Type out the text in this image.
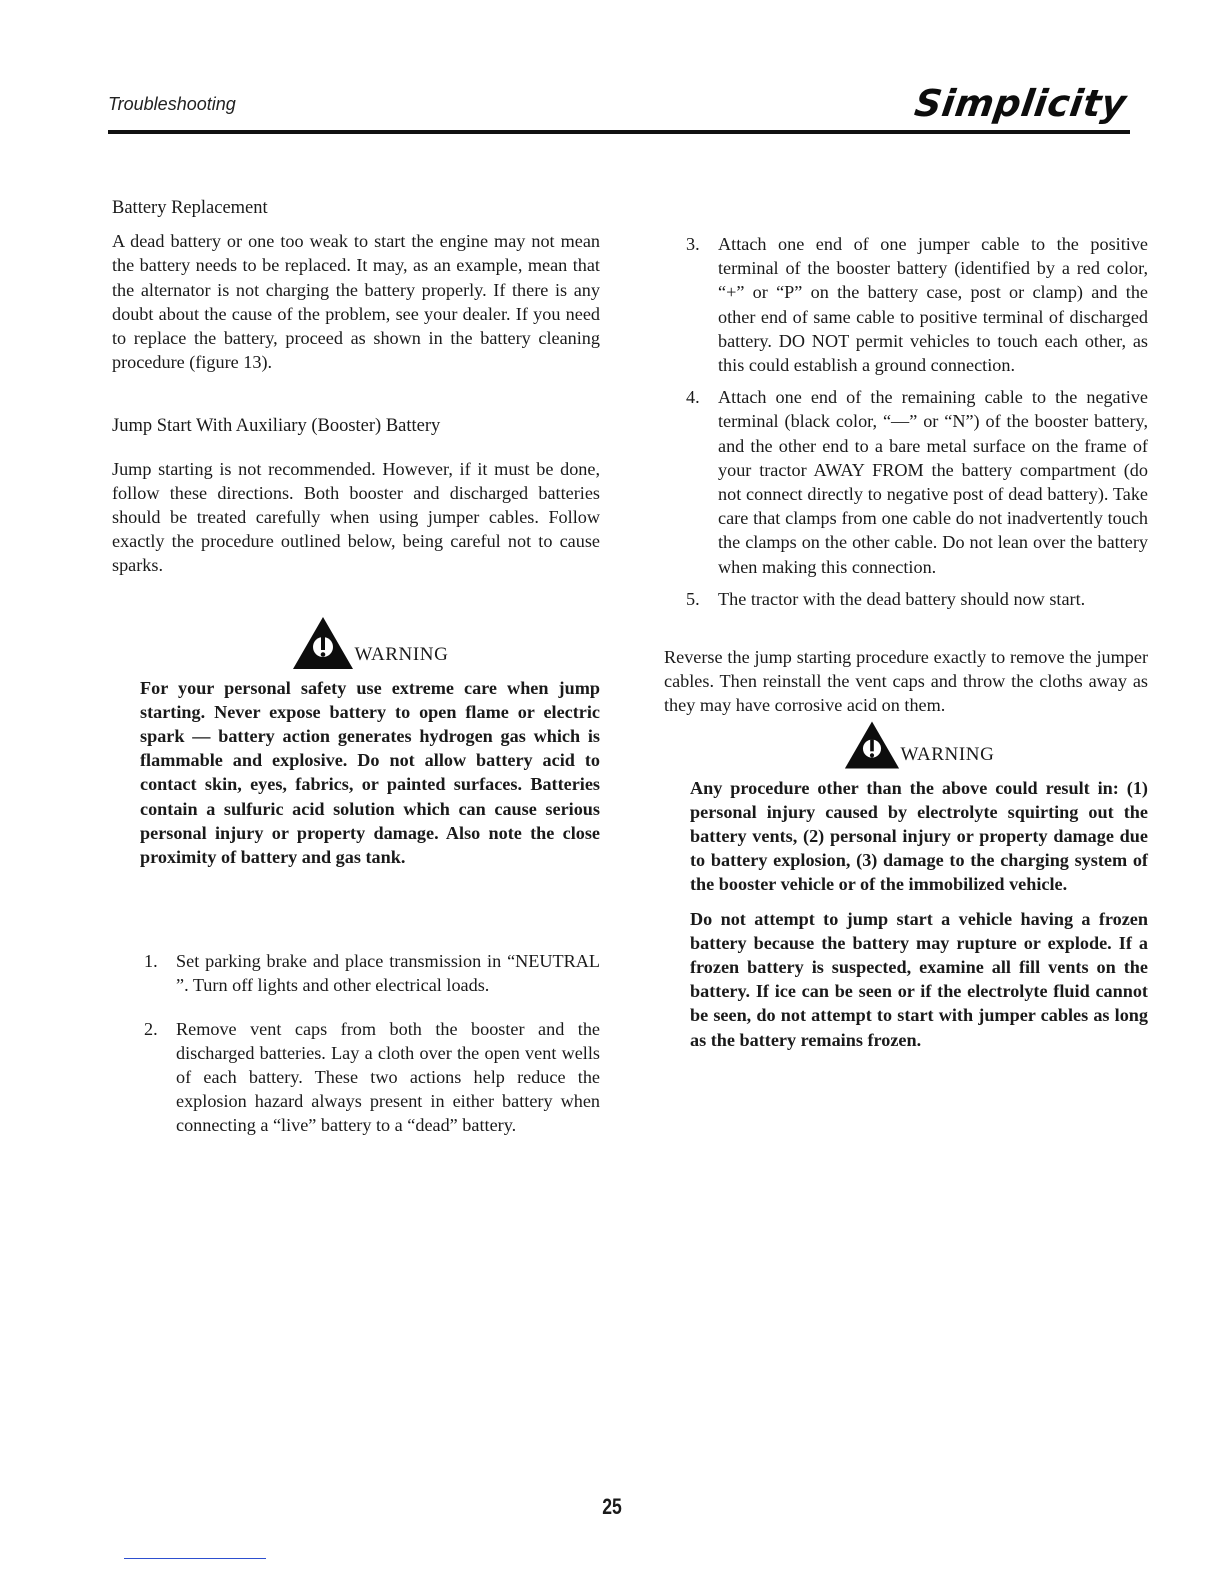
Troubleshooting	Simplicity
Battery Replacement

A dead battery or one too weak to start the engine may not mean the battery needs to be replaced. It may, as an example, mean that the alternator is not charging the battery properly. If there is any doubt about the cause of the problem, see your dealer. If you need to replace the battery, proceed as shown in the battery cleaning procedure (figure 13).

Jump Start With Auxiliary (Booster) Battery

Jump starting is not recommended. However, if it must be done, follow these directions. Both booster and discharged batteries should be treated carefully when using jumper cables. Follow exactly the procedure outlined below, being careful not to cause sparks.

WARNING

For your personal safety use extreme care when jump starting. Never expose battery to open flame or electric spark — battery action generates hydrogen gas which is flammable and explosive. Do not allow battery acid to contact skin, eyes, fabrics, or painted surfaces. Batteries contain a sulfuric acid solution which can cause serious personal injury or property damage. Also note the close proximity of battery and gas tank.

1.	Set parking brake and place transmission in “NEUTRAL ”. Turn off lights and other electrical loads.
2.	Remove vent caps from both the booster and the discharged batteries. Lay a cloth over the open vent wells of each battery. These two actions help reduce the explosion hazard always present in either battery when connecting a “live” battery to a “dead” battery.
3.	Attach one end of one jumper cable to the positive terminal of the booster battery (identified by a red color, “+” or “P” on the battery case, post or clamp) and the other end of same cable to positive terminal of discharged battery. DO NOT permit vehicles to touch each other, as this could establish a ground connection.
4.	Attach one end of the remaining cable to the negative terminal (black color, “—” or “N”) of the booster battery, and the other end to a bare metal surface on the frame of your tractor AWAY FROM the battery compartment (do not connect directly to negative post of dead battery). Take care that clamps from one cable do not inadvertently touch the clamps on the other cable. Do not lean over the battery when making this connection.
5.	The tractor with the dead battery should now start.

Reverse the jump starting procedure exactly to remove the jumper cables. Then reinstall the vent caps and throw the cloths away as they may have corrosive acid on them.

WARNING

Any procedure other than the above could result in: (1) personal injury caused by electrolyte squirting out the battery vents, (2) personal injury or property damage due to battery explosion, (3) damage to the charging system of the booster vehicle or of the immobilized vehicle.

Do not attempt to jump start a vehicle having a frozen battery because the battery may rupture or explode. If a frozen battery is suspected, examine all fill vents on the battery. If ice can be seen or if the electrolyte fluid cannot be seen, do not attempt to start with jumper cables as long as the battery remains frozen.

25
